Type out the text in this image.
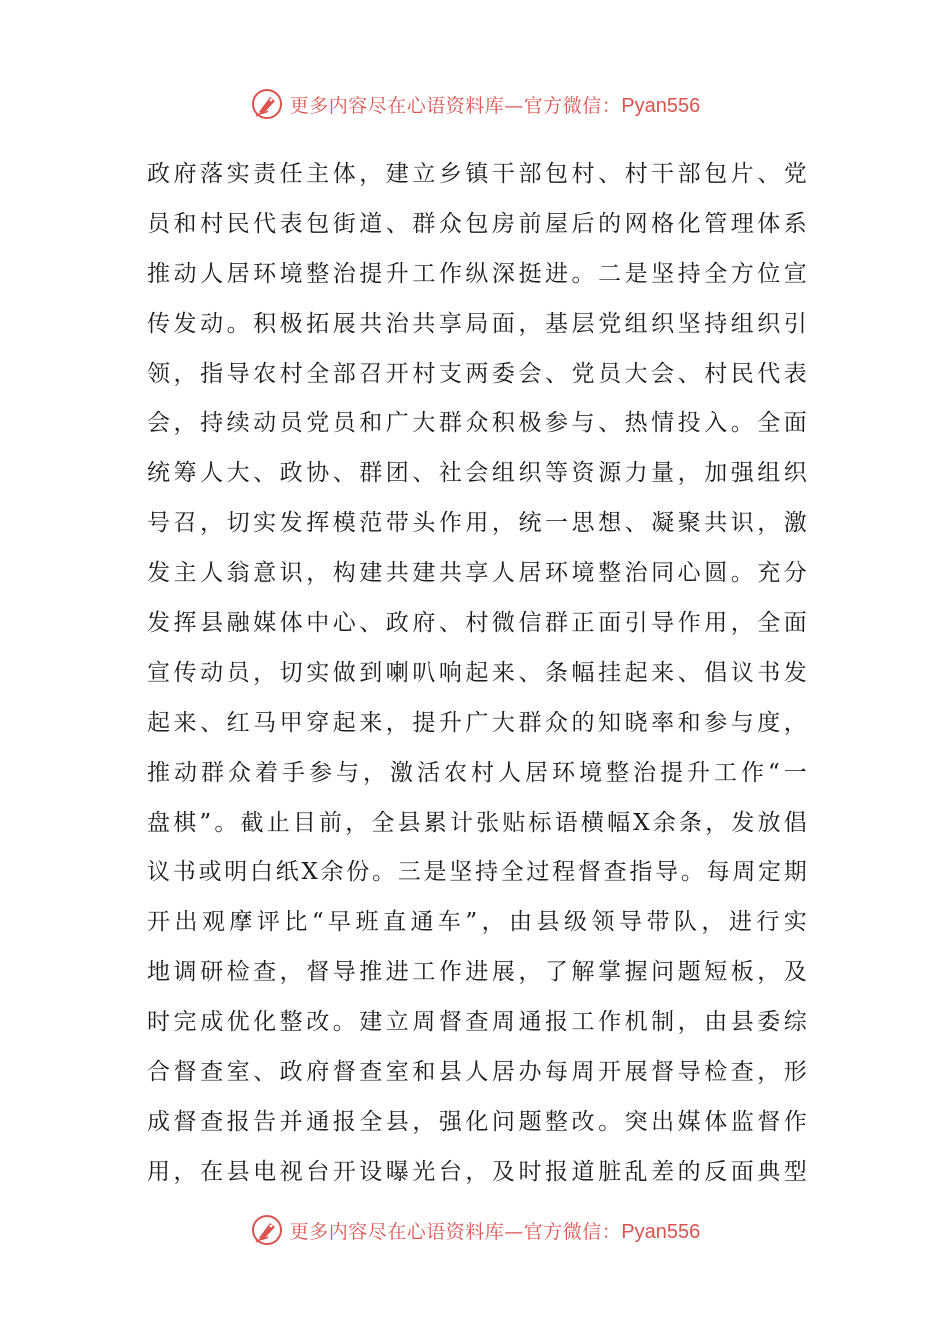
更多内容尽在心语资料库—官方微信：Pyan556
政府落实责任主体，建立乡镇干部包村、村干部包片、党
员和村民代表包街道、群众包房前屋后的网格化管理体系
推动人居环境整治提升工作纵深挺进。二是坚持全方位宣
传发动。积极拓展共治共享局面，基层党组织坚持组织引
领，指导农村全部召开村支两委会、党员大会、村民代表
会，持续动员党员和广大群众积极参与、热情投入。全面
统筹人大、政协、群团、社会组织等资源力量，加强组织
号召，切实发挥模范带头作用，统一思想、凝聚共识，激
发主人翁意识，构建共建共享人居环境整治同心圆。充分
发挥县融媒体中心、政府、村微信群正面引导作用，全面
宣传动员，切实做到喇叭响起来、条幅挂起来、倡议书发
起来、红马甲穿起来，提升广大群众的知晓率和参与度，
推动群众着手参与，激活农村人居环境整治提升工作“一
盘棋”。截止目前，全县累计张贴标语横幅X余条，发放倡
议书或明白纸X余份。三是坚持全过程督查指导。每周定期
开出观摩评比“早班直通车”，由县级领导带队，进行实
地调研检查，督导推进工作进展，了解掌握问题短板，及
时完成优化整改。建立周督查周通报工作机制，由县委综
合督查室、政府督查室和县人居办每周开展督导检查，形
成督查报告并通报全县，强化问题整改。突出媒体监督作
用，在县电视台开设曝光台，及时报道脏乱差的反面典型
更多内容尽在心语资料库—官方微信：Pyan556
